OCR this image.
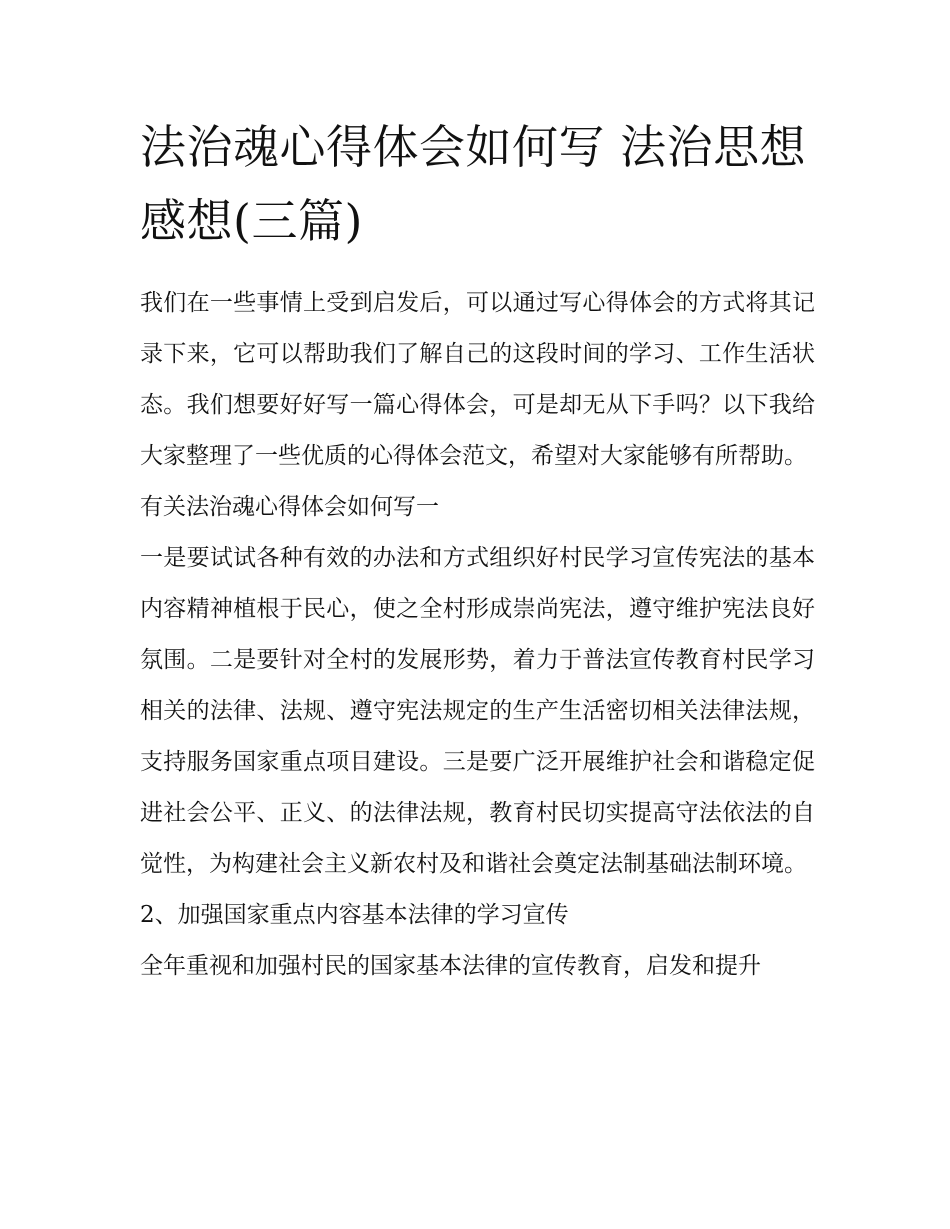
法治魂心得体会如何写 法治思想感想(三篇)

我们在一些事情上受到启发后，可以通过写心得体会的方式将其记录下来，它可以帮助我们了解自己的这段时间的学习、工作生活状态。我们想要好好写一篇心得体会，可是却无从下手吗？以下我给大家整理了一些优质的心得体会范文，希望对大家能够有所帮助。

有关法治魂心得体会如何写一

一是要试试各种有效的办法和方式组织好村民学习宣传宪法的基本内容精神植根于民心，使之全村形成崇尚宪法，遵守维护宪法良好氛围。二是要针对全村的发展形势，着力于普法宣传教育村民学习相关的法律、法规、遵守宪法规定的生产生活密切相关法律法规，支持服务国家重点项目建设。三是要广泛开展维护社会和谐稳定促进社会公平、正义、的法律法规，教育村民切实提高守法依法的自觉性，为构建社会主义新农村及和谐社会奠定法制基础法制环境。

2、加强国家重点内容基本法律的学习宣传

全年重视和加强村民的国家基本法律的宣传教育，启发和提升
